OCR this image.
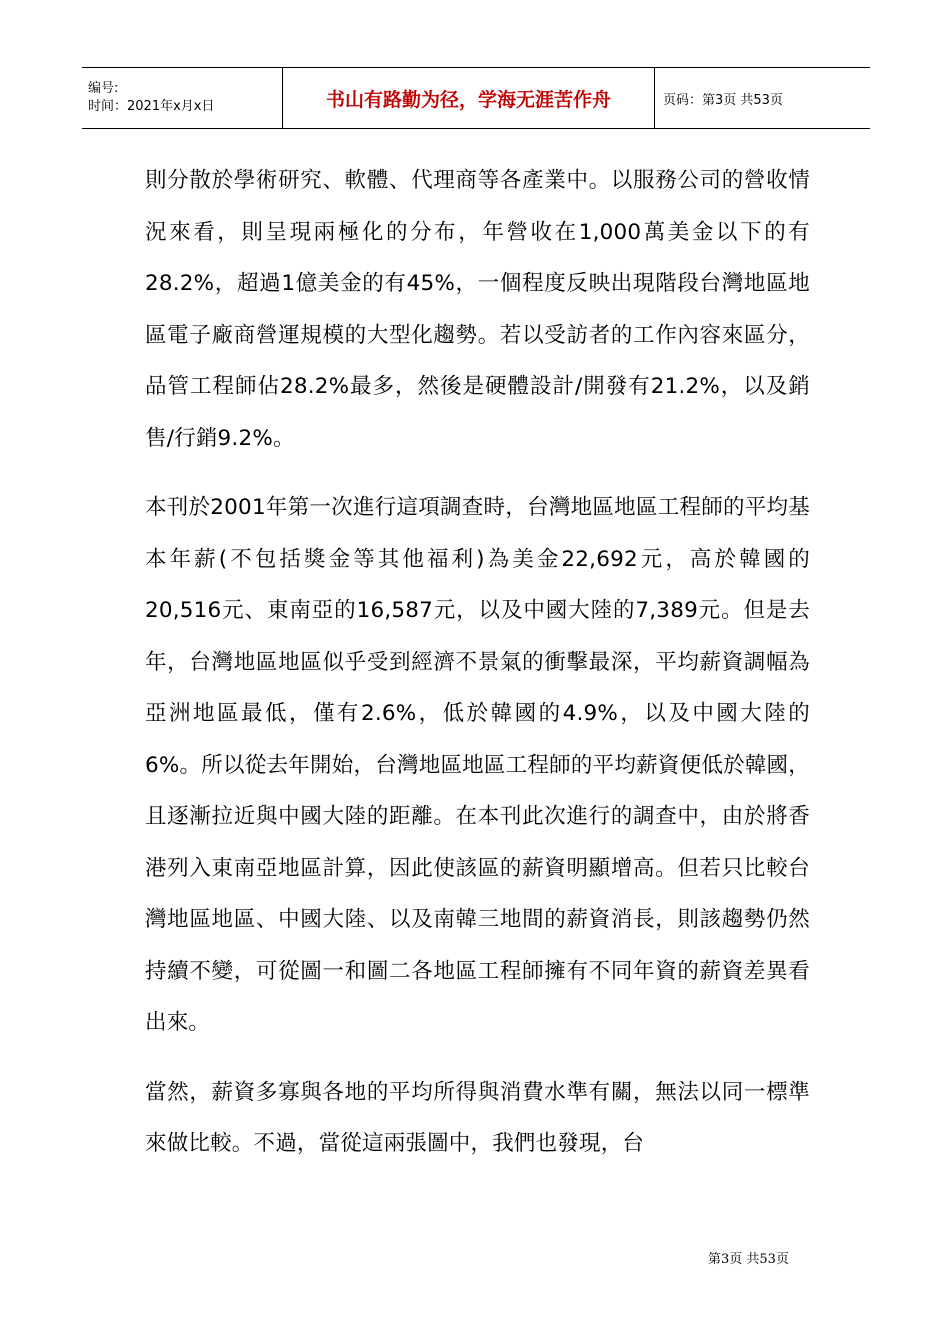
编号:
时间：2021年x月x日	书山有路勤为径，学海无涯苦作舟	页码：第3页 共53页

則分散於學術研究、軟體、代理商等各產業中。以服務公司的營收情況來看，則呈現兩極化的分布，年營收在1,000萬美金以下的有28.2%，超過1億美金的有45%，一個程度反映出現階段台灣地區地區電子廠商營運規模的大型化趨勢。若以受訪者的工作內容來區分，品管工程師佔28.2%最多，然後是硬體設計/開發有21.2%，以及銷售/行銷9.2%。

本刊於2001年第一次進行這項調查時，台灣地區地區工程師的平均基本年薪(不包括獎金等其他福利)為美金22,692元，高於韓國的20,516元、東南亞的16,587元，以及中國大陸的7,389元。但是去年，台灣地區地區似乎受到經濟不景氣的衝擊最深，平均薪資調幅為亞洲地區最低，僅有2.6%，低於韓國的4.9%，以及中國大陸的6%。所以從去年開始，台灣地區地區工程師的平均薪資便低於韓國，且逐漸拉近與中國大陸的距離。在本刊此次進行的調查中，由於將香港列入東南亞地區計算，因此使該區的薪資明顯增高。但若只比較台灣地區地區、中國大陸、以及南韓三地間的薪資消長，則該趨勢仍然持續不變，可從圖一和圖二各地區工程師擁有不同年資的薪資差異看出來。

當然，薪資多寡與各地的平均所得與消費水準有關，無法以同一標準來做比較。不過，當從這兩張圖中，我們也發現，台

第3页 共53页
